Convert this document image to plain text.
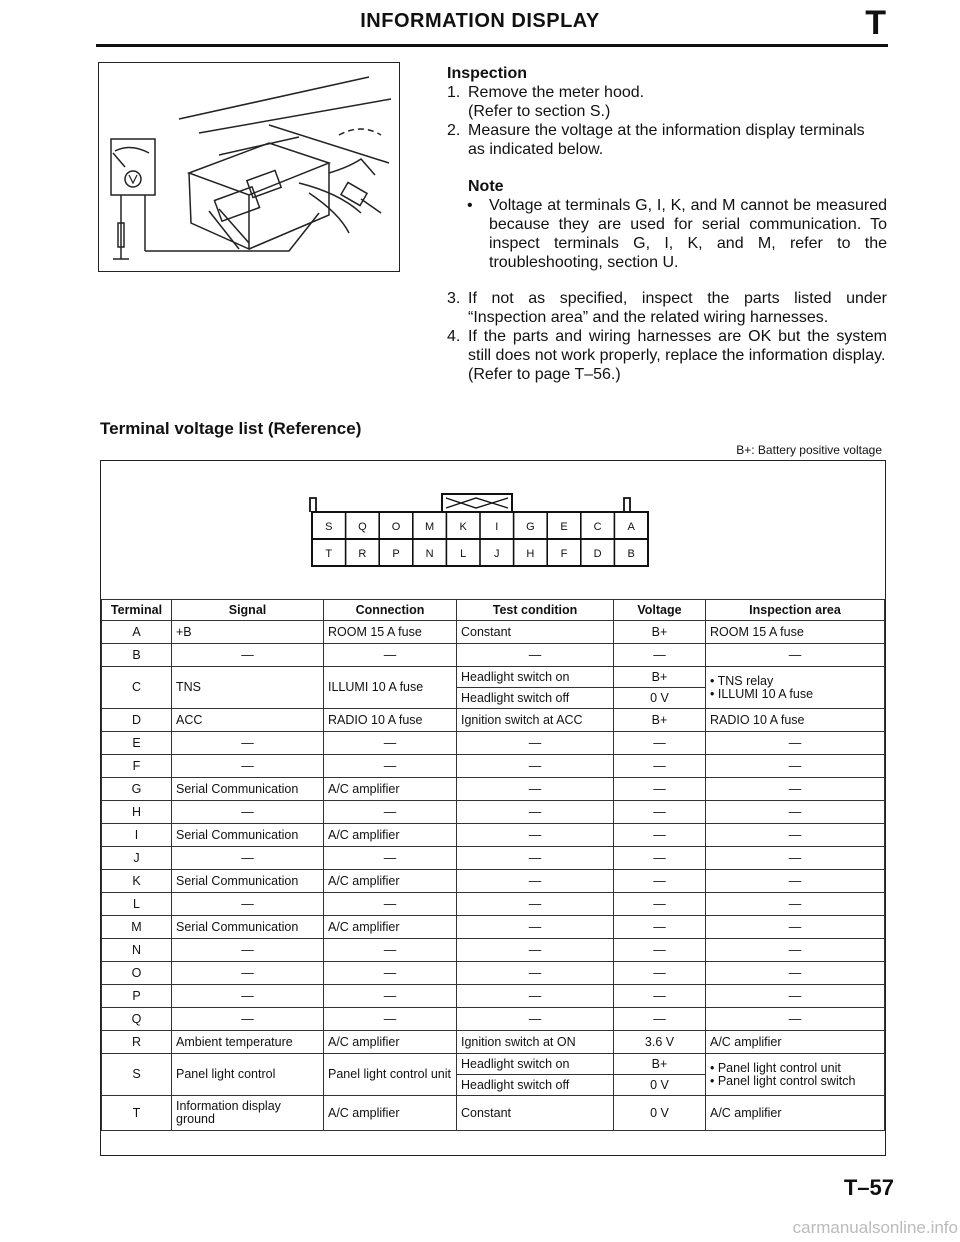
INFORMATION DISPLAY	T
Inspection
1. Remove the meter hood.
(Refer to section S.)
2. Measure the voltage at the information display terminals
as indicated below.
Note
• Voltage at terminals G, I, K, and M cannot be measured because they are used for serial communication. To inspect terminals G, I, K, and M, refer to the troubleshooting, section U.
3. If not as specified, inspect the parts listed under “Inspection area” and the related wiring harnesses.
4. If the parts and wiring harnesses are OK but the system still does not work properly, replace the information display.
(Refer to page T–56.)
Terminal voltage list (Reference)
B+: Battery positive voltage
S Q O M K	I	G E C A
T R P N L	J H F D B
Terminal	Signal	Connection	Test condition	Voltage	Inspection area
A	+B	ROOM 15 A fuse	Constant	B+	ROOM 15 A fuse
B	—	—	—	—	—
C	TNS	ILLUMI 10 A fuse	Headlight switch on	B+	• TNS relay
• ILLUMI 10 A fuse

			Headlight switch off	0 V	
D	ACC	RADIO 10 A fuse	Ignition switch at ACC	B+	RADIO 10 A fuse
E	—	—	—	—	—
F	—	—	—	—	—
G	Serial Communication	A/C amplifier	—	—	—
H	—	—	—	—	—
I	Serial Communication	A/C amplifier	—	—	—
J	—	—	—	—	—
K	Serial Communication	A/C amplifier	—	—	—
L	—	—	—	—	—
M	Serial Communication	A/C amplifier	—	—	—
N	—	—	—	—	—
O	—	—	—	—	—
P	—	—	—	—	—
Q	—	—	—	—	—
R	Ambient temperature	A/C amplifier	Ignition switch at ON	3.6 V	A/C amplifier
S	Panel light control	Panel light control unit	Headlight switch on	B+	• Panel light control unit
• Panel light control switch

			Headlight switch off	0 V	
T	Information display ground	A/C amplifier	Constant	0 V	A/C amplifier
T–57
carmanualsonline.info
